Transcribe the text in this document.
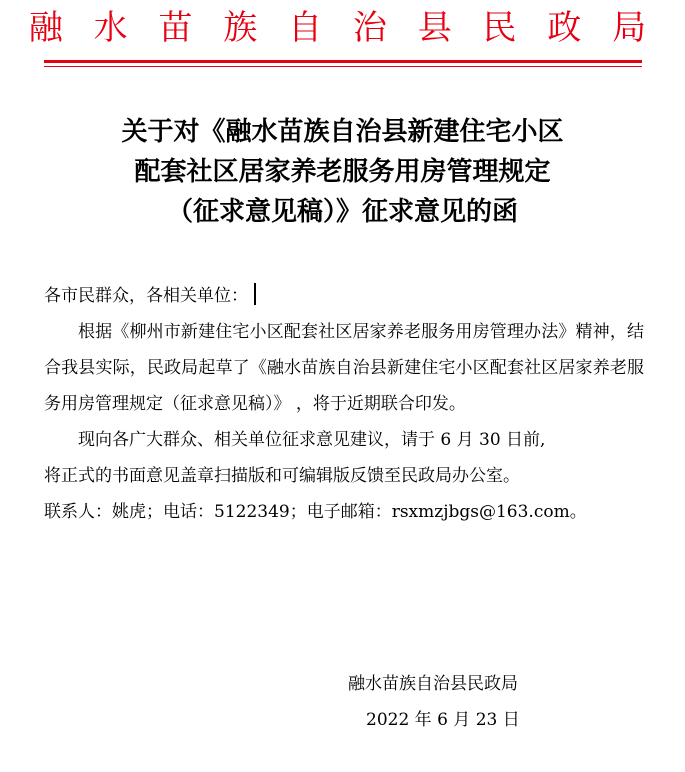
融 水 苗 族 自 治 县 民 政 局
关于对《融水苗族自治县新建住宅小区
配套社区居家养老服务用房管理规定
（征求意见稿）》征求意见的函
各市民群众，各相关单位：
根据《柳州市新建住宅小区配套社区居家养老服务用房管理办法》精神，结合我县实际，民政局起草了《融水苗族自治县新建住宅小区配套社区居家养老服务用房管理规定（征求意见稿）》 ，将于近期联合印发。
现向各广大群众、相关单位征求意见建议，请于 6 月 30 日前,
将正式的书面意见盖章扫描版和可编辑版反馈至民政局办公室。
联系人：姚虎；电话：5122349；电子邮箱：rsxmzjbgs@163.com。
融水苗族自治县民政局
2022 年 6 月 23 日
